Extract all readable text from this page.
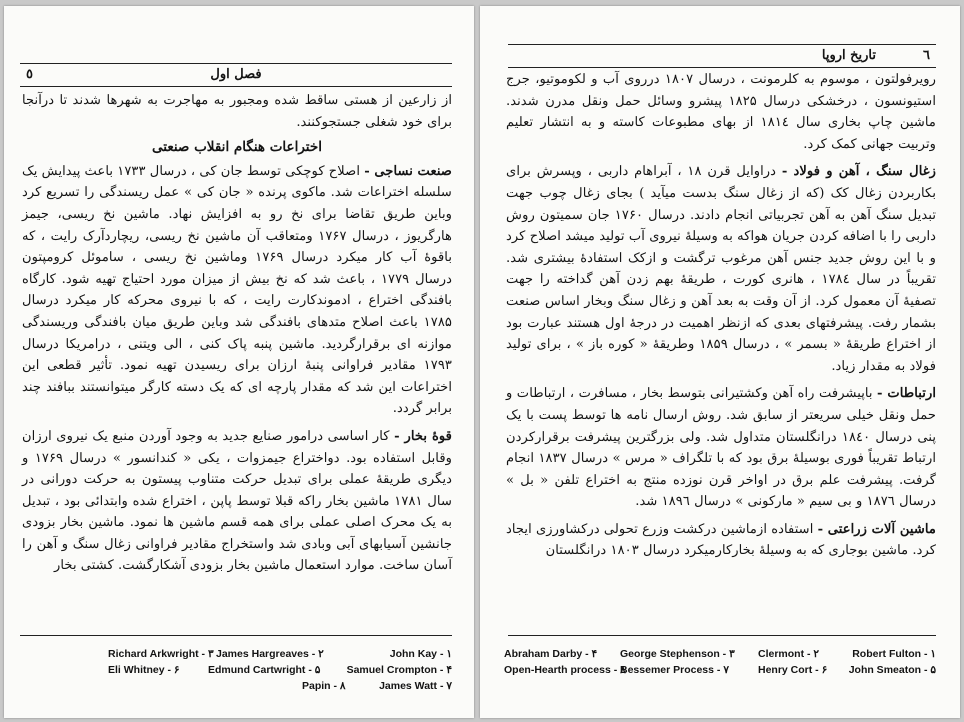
٥	فصل اول

از زارعین از هستی ساقط شده ومجبور به مهاجرت به شهرها شدند تا درآنجا برای خود شغلی جستجوکنند.

اختراعات هنگام انقلاب صنعتی

صنعت نساجی - اصلاح کوچکی توسط جان کی ، درسال ۱۷۳۳ باعث پیدایش یک سلسله اختراعات شد. ماکوی پرنده « جان کی » عمل ریسندگی را تسریع کرد وباین طریق تقاضا برای نخ رو به افزایش نهاد. ماشین نخ ریسی، جیمز هارگریوز ، درسال ۱۷۶۷ ومتعاقب آن ماشین نخ ریسی، ریچاردآرک رایت ، که باقوهٔ آب کار میکرد درسال ۱۷۶۹ وماشین نخ ریسی ، ساموئل کرومپتون درسال ۱۷۷۹ ، باعث شد که نخ بیش از میزان مورد احتیاج تهیه شود. کارگاه بافندگی اختراع ، ادموندکارت رایت ، که با نیروی محرکه کار میکرد درسال ۱۷۸۵ باعث اصلاح متدهای بافندگی شد وباین طریق میان بافندگی وریسندگی موازنه ای برقرارگردید. ماشین پنبه پاک کنی ، الی ویتنی ، درامریکا درسال ۱۷۹۳ مقادیر فراوانی پنبهٔ ارزان برای ریسیدن تهیه نمود. تأثیر قطعی این اختراعات این شد که مقدار پارچه ای که یک دسته کارگر میتوانستند ببافند چند برابر گردد.

قوهٔ بخار - کار اساسی درامور صنایع جدید به وجود آوردن منبع یک نیروی ارزان وقابل استفاده بود. دواختراع جیمزوات ، یکی « کندانسور » درسال ۱۷۶۹ و دیگری طریقهٔ عملی برای تبدیل حرکت متناوب پیستون به حرکت دورانی در سال ۱۷۸۱ ماشین بخار راکه قبلا توسط پاپن ، اختراع شده وابتدائی بود ، تبدیل به یک محرک اصلی عملی برای همه قسم ماشین ها نمود. ماشین بخار بزودی جانشین آسیابهای آبی وبادی شد واستخراج مقادیر فراوانی زغال سنگ و آهن را آسان ساخت. موارد استعمال ماشین بخار بزودی آشکارگشت. کشتی بخار

John Kay - ۱
James Hargreaves - ۲
Richard Arkwright - ۳
Samuel Crompton - ۴
Edmund Cartwright - ۵
Eli Whitney - ۶
James Watt - ۷
Papin - ۸
٦
تاریخ اروپا

رویرفولتون ، موسوم به کلرمونت ، درسال ۱۸۰۷ درروی آب و لکوموتیو، جرج استیونسون ، درخشکی درسال ۱۸۲۵ پیشرو وسائل حمل ونقل مدرن شدند. ماشین چاپ بخاری سال ۱۸۱٤ از بهای مطبوعات کاسته و به انتشار تعلیم وتربیت جهانی کمک کرد.

زغال سنگ ، آهن و فولاد - دراوایل قرن ۱۸ ، آبراهام داربی ، وپسرش برای بکاربردن زغال کک (که از زغال سنگ بدست میآید ) بجای زغال چوب جهت تبدیل سنگ آهن به آهن تجربیاتی انجام دادند. درسال ۱۷۶۰ جان سمیتون روش داربی را با اضافه کردن جریان هواکه به وسیلهٔ نیروی آب تولید میشد اصلاح کرد و با این روش جدید جنس آهن مرغوب ترگشت و ازکک استفادهٔ بیشتری شد. تقریباً در سال ۱۷۸٤ ، هانری کورت ، طریقهٔ بهم زدن آهن گداخته را جهت تصفیهٔ آن معمول کرد. از آن وقت به بعد آهن و زغال سنگ وبخار اساس صنعت بشمار رفت. پیشرفتهای بعدی که ازنظر اهمیت در درجهٔ اول هستند عبارت بود از اختراع طریقهٔ « بسمر » ، درسال ۱۸۵۹ وطریقهٔ « کوره باز » ، برای تولید فولاد به مقدار زیاد.

ارتباطات - باپیشرفت راه آهن وکشتیرانی بتوسط بخار ، مسافرت ، ارتباطات و حمل ونقل خیلی سریعتر از سابق شد. روش ارسال نامه ها توسط پست با یک پنی درسال ۱۸٤۰ درانگلستان متداول شد. ولی بزرگترین پیشرفت برقرارکردن ارتباط تقریباً فوری بوسیلهٔ برق بود که با تلگراف « مرس » درسال ۱۸۳۷ انجام گرفت. پیشرفت علم برق در اواخر قرن نوزده منتج به اختراع تلفن « بل » درسال ۱۸۷٦ و بی سیم « مارکونی » درسال ۱۸۹٦ شد.

ماشین آلات زراعتی - استفاده ازماشین درکشت وزرع تحولی درکشاورزی ایجاد کرد. ماشین بوجاری که به وسیلهٔ بخارکارمیکرد درسال ۱۸۰۳ درانگلستان

Robert Fulton - ۱
Clermont - ۲
George Stephenson - ۳
Abraham Darby - ۴
John Smeaton - ۵
Henry Cort - ۶
Bessemer Process - ۷
Open-Hearth process - ۸
